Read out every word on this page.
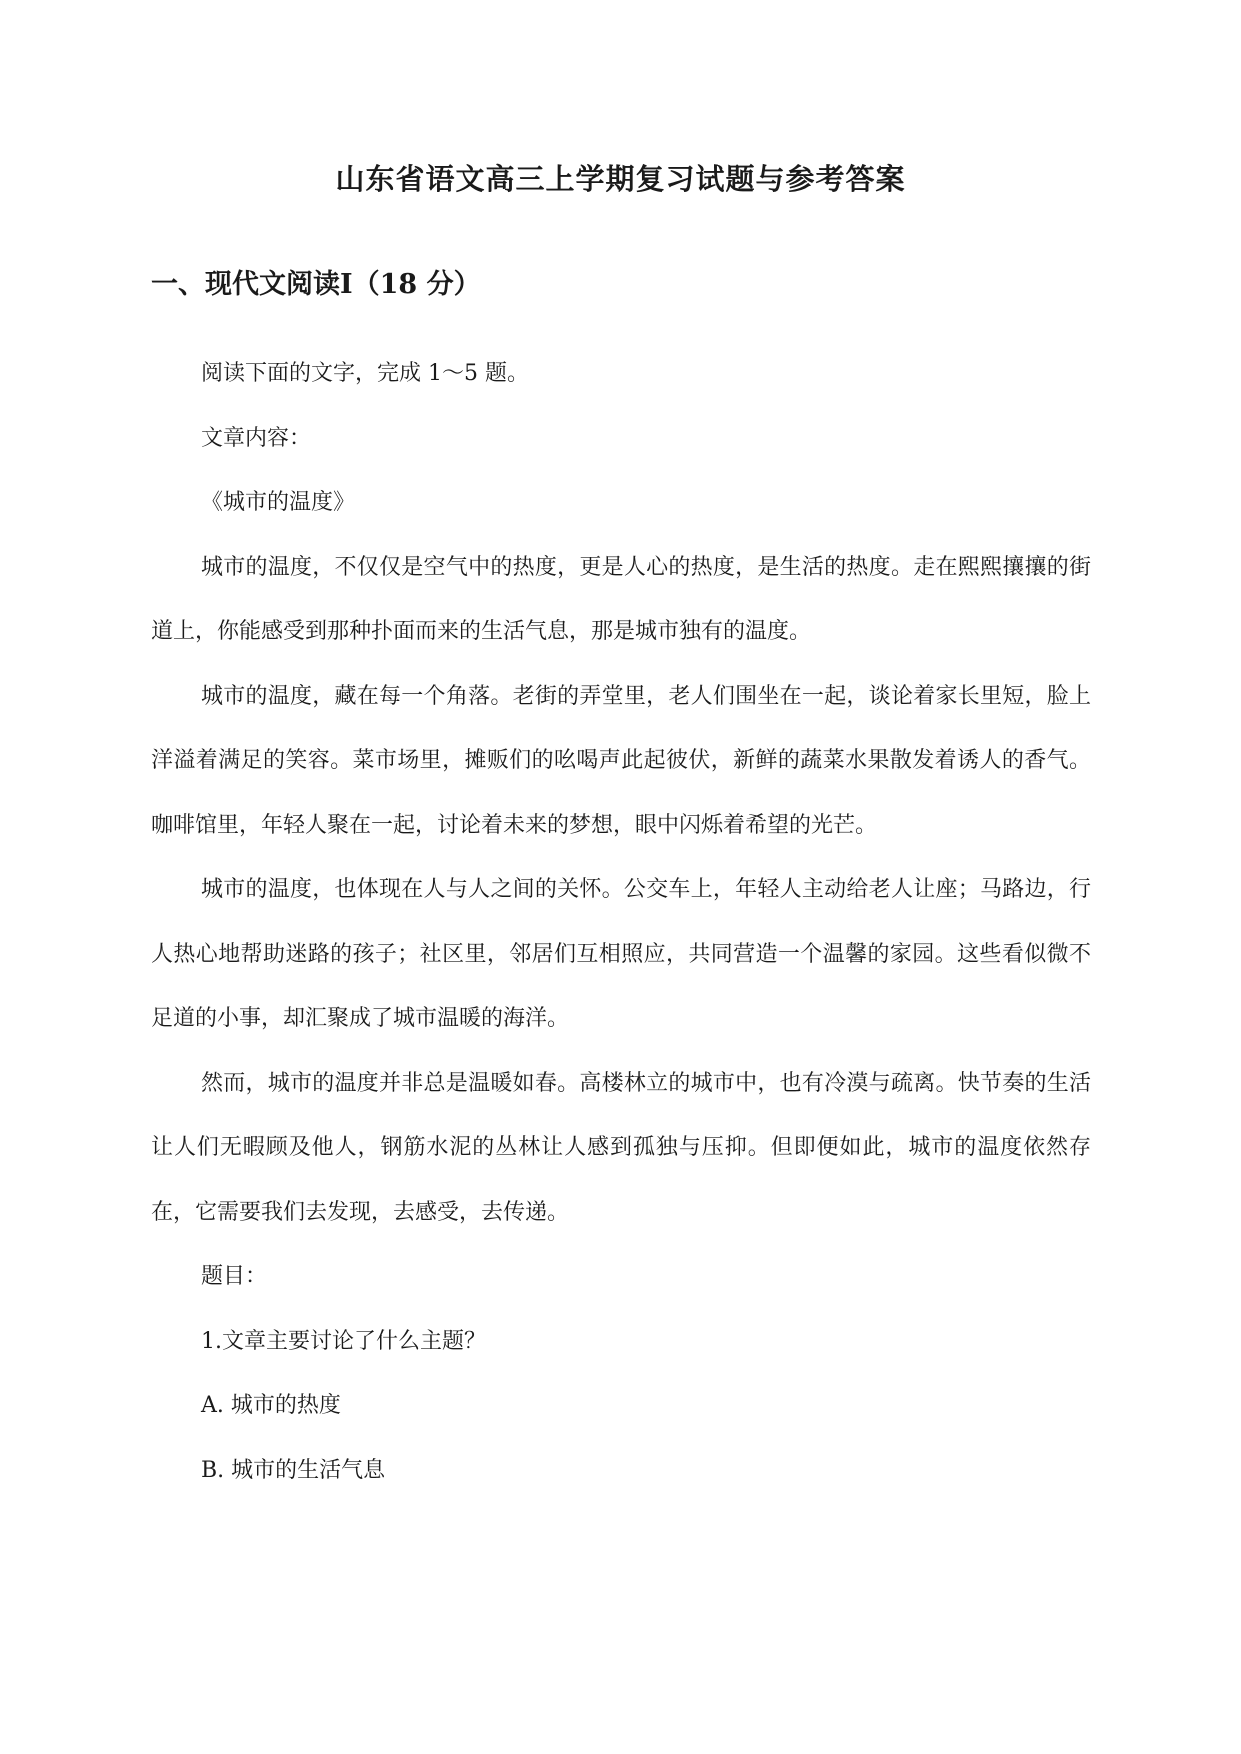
山东省语文高三上学期复习试题与参考答案
一、现代文阅读Ⅰ（18 分）

阅读下面的文字，完成 1～5 题。

文章内容：

《城市的温度》

城市的温度，不仅仅是空气中的热度，更是人心的热度，是生活的热度。走在熙熙攘攘的街道上，你能感受到那种扑面而来的生活气息，那是城市独有的温度。

城市的温度，藏在每一个角落。老街的弄堂里，老人们围坐在一起，谈论着家长里短，脸上洋溢着满足的笑容。菜市场里，摊贩们的吆喝声此起彼伏，新鲜的蔬菜水果散发着诱人的香气。咖啡馆里，年轻人聚在一起，讨论着未来的梦想，眼中闪烁着希望的光芒。

城市的温度，也体现在人与人之间的关怀。公交车上，年轻人主动给老人让座；马路边，行人热心地帮助迷路的孩子；社区里，邻居们互相照应，共同营造一个温馨的家园。这些看似微不足道的小事，却汇聚成了城市温暖的海洋。

然而，城市的温度并非总是温暖如春。高楼林立的城市中，也有冷漠与疏离。快节奏的生活让人们无暇顾及他人，钢筋水泥的丛林让人感到孤独与压抑。但即便如此，城市的温度依然存在，它需要我们去发现，去感受，去传递。

题目：

1.文章主要讨论了什么主题？

A. 城市的热度

B. 城市的生活气息
